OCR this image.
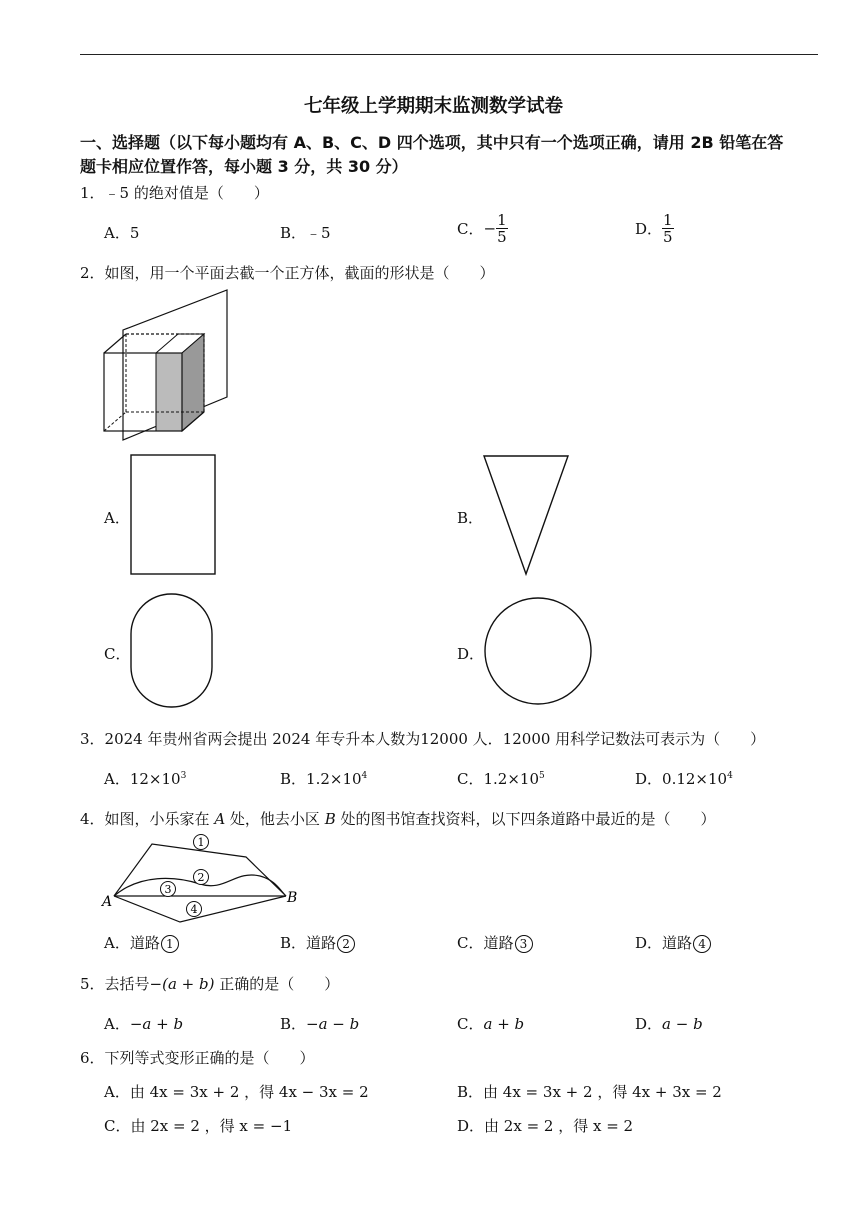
七年级上学期期末监测数学试卷
一、选择题（以下每小题均有 A、B、C、D 四个选项，其中只有一个选项正确，请用 2B 铅笔在答
题卡相应位置作答，每小题 3 分，共 30 分）
1．﹣5 的绝对值是（　　）
A．5	B．﹣5	C．− $\frac{1}{5}$	D． $\frac{1}{5}$
2．如图，用一个平面去截一个正方体，截面的形状是（　　）
A．	B．
C．	D．
3．2024 年贵州省两会提出 2024 年专升本人数为12000 人．12000 用科学记数法可表示为（　　）
A．$12\times 10^3$	B．$1.2\times 10^4$	C．$1.2\times 10^5$	D．$0.12\times 10^4$
4．如图，小乐家在 A 处，他去小区 B 处的图书馆查找资料，以下四条道路中最近的是（　　）
1
2
3
4
A	B
A．道路 1	B．道路 2	C．道路 3	D．道路 4
5．去括号−(a + b) 正确的是（　　）
A．−a + b	B．−a − b	C．a + b	D．a − b
6．下列等式变形正确的是（　　）
A．由 4x = 3x + 2 ，得 4x − 3x = 2	B．由 4x = 3x + 2 ，得 4x + 3x = 2
C．由 2x = 2 ，得 x = −1	D．由 2x = 2 ，得 x = 2
